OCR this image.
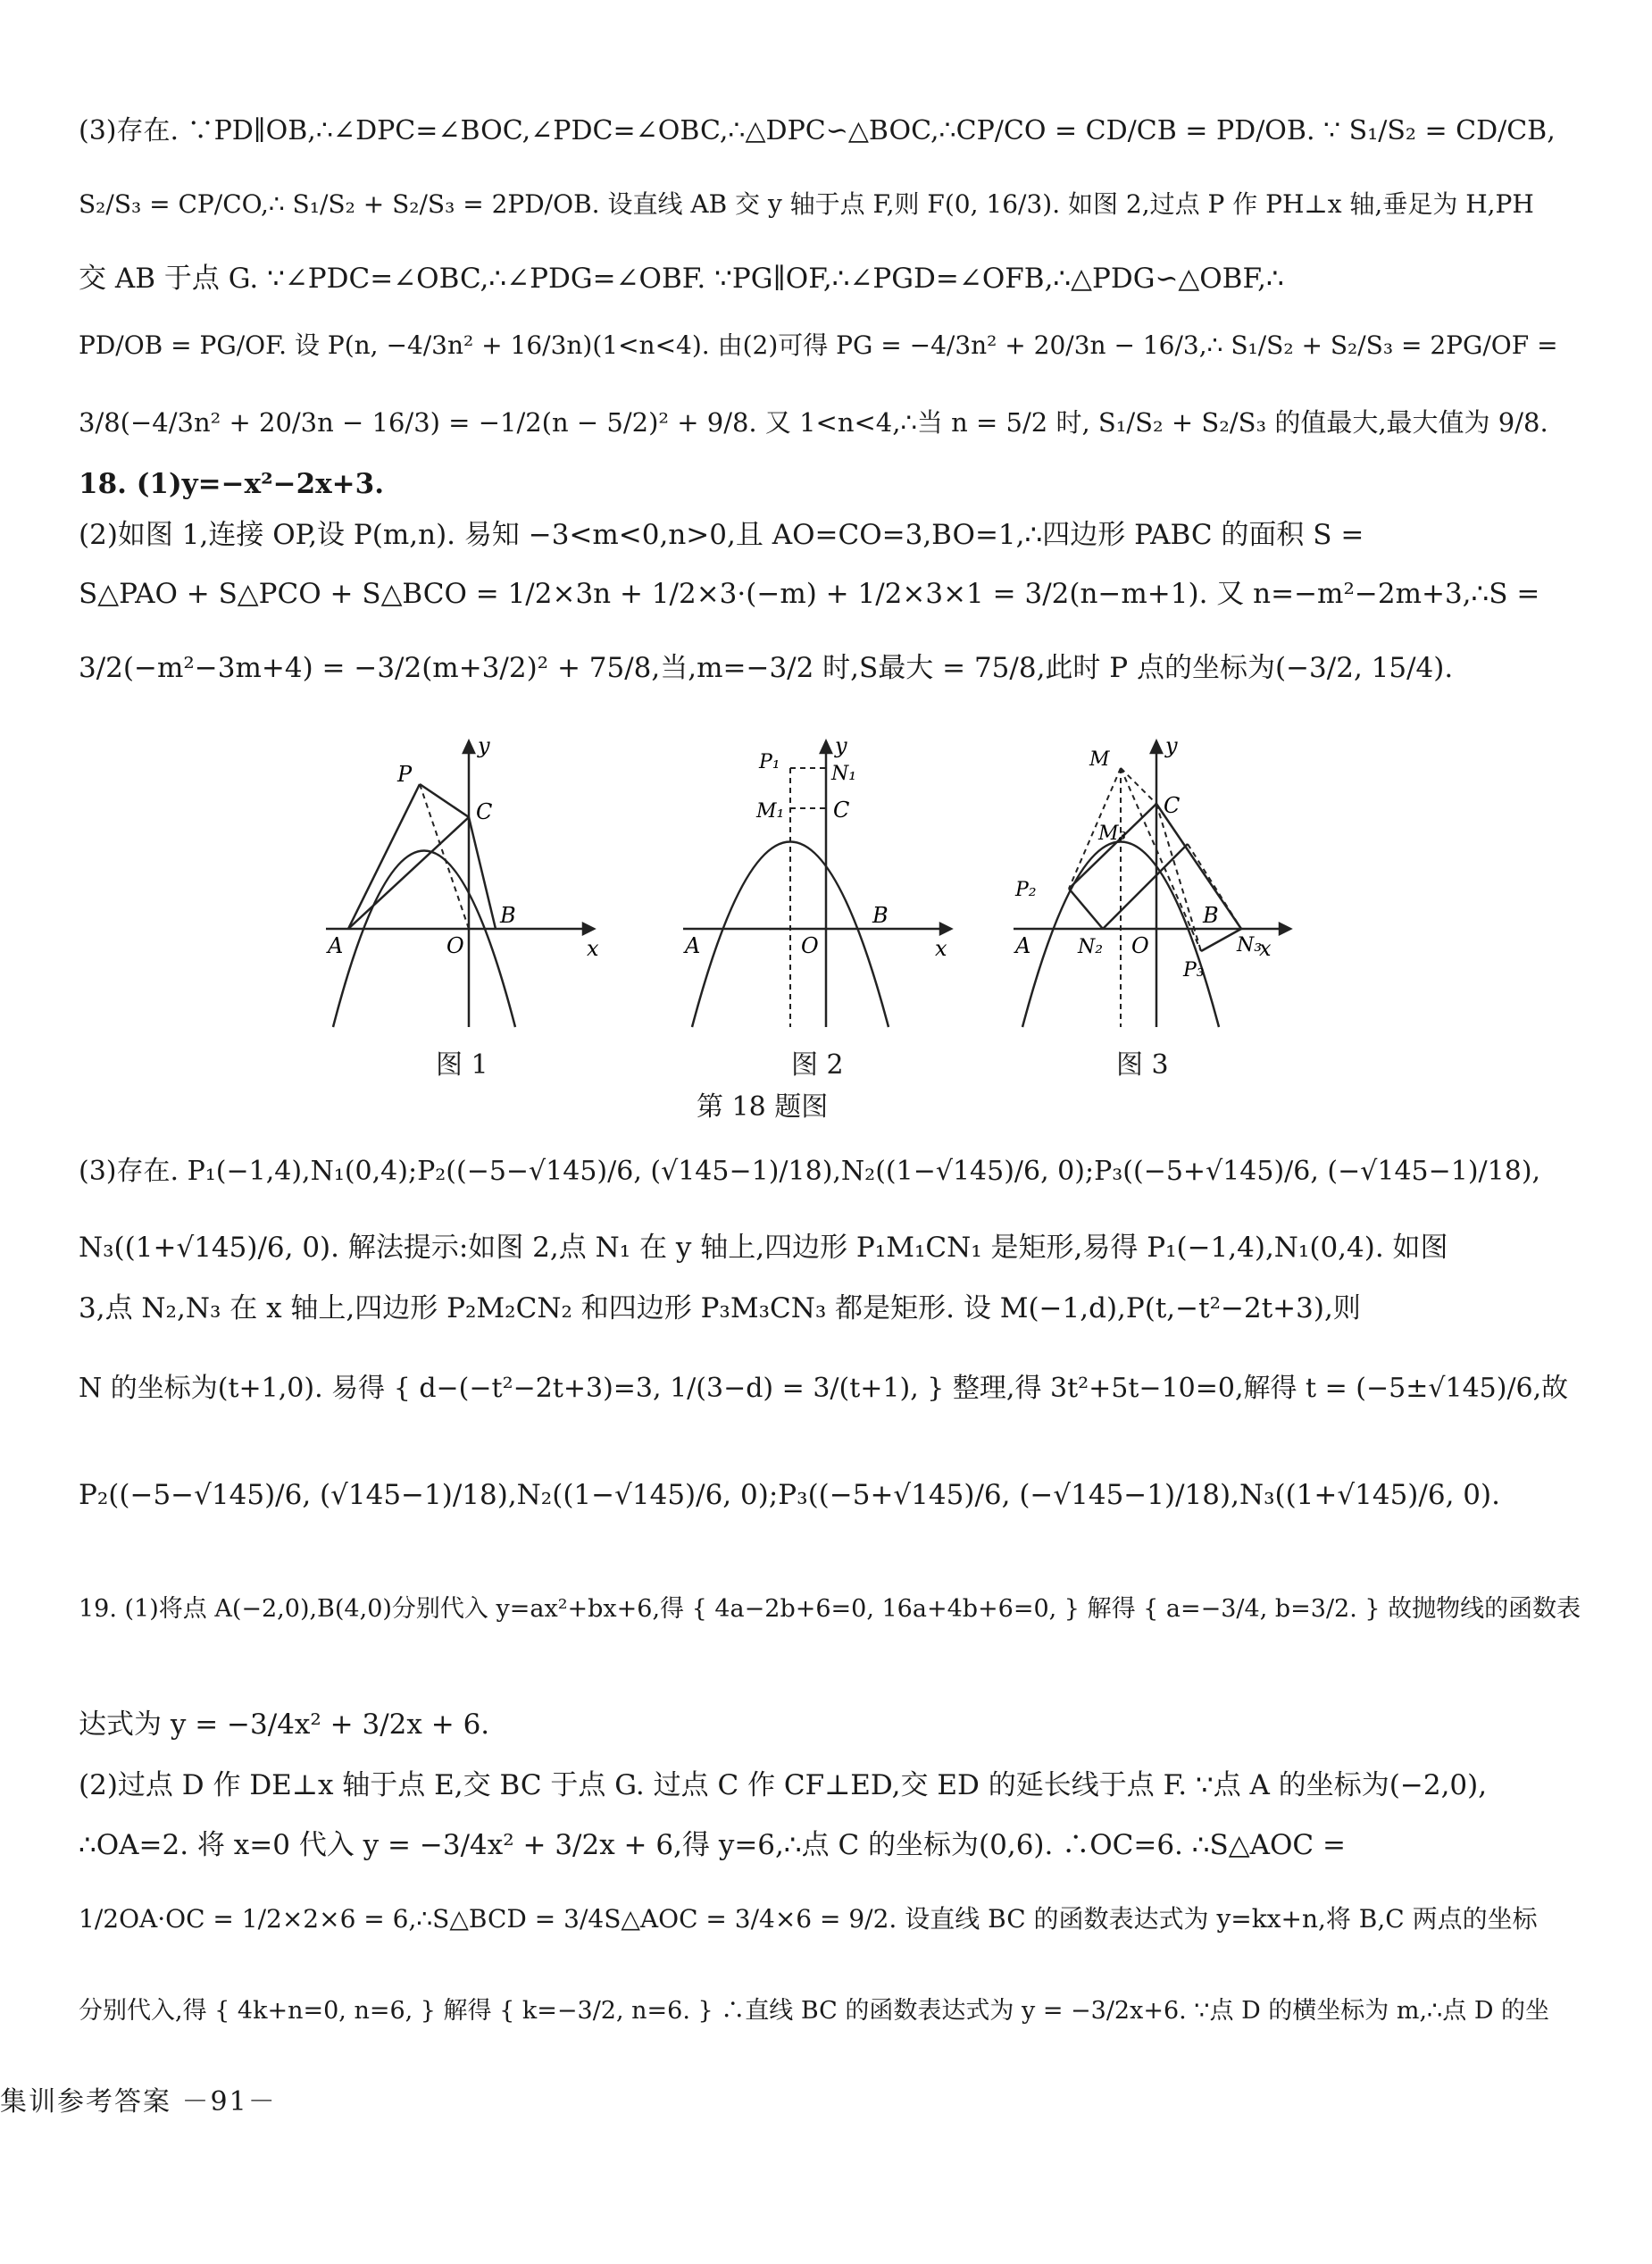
(3)存在. ∵PD∥OB,∴∠DPC=∠BOC,∠PDC=∠OBC,∴△DPC∽△BOC,∴CP/CO = CD/CB = PD/OB. ∵ S₁/S₂ = CD/CB,
S₂/S₃ = CP/CO,∴ S₁/S₂ + S₂/S₃ = 2PD/OB. 设直线 AB 交 y 轴于点 F,则 F(0, 16/3). 如图 2,过点 P 作 PH⊥x 轴,垂足为 H,PH
交 AB 于点 G. ∵∠PDC=∠OBC,∴∠PDG=∠OBF. ∵PG∥OF,∴∠PGD=∠OFB,∴△PDG∽△OBF,∴
PD/OB = PG/OF. 设 P(n, −4/3n² + 16/3n)(1<n<4). 由(2)可得 PG = −4/3n² + 20/3n − 16/3,∴ S₁/S₂ + S₂/S₃ = 2PG/OF =
3/8(−4/3n² + 20/3n − 16/3) = −1/2(n − 5/2)² + 9/8. 又 1<n<4,∴当 n = 5/2 时, S₁/S₂ + S₂/S₃ 的值最大,最大值为 9/8.
18. (1)y=−x²−2x+3.
(2)如图 1,连接 OP,设 P(m,n). 易知 −3<m<0,n>0,且 AO=CO=3,BO=1,∴四边形 PABC 的面积 S =
S△PAO + S△PCO + S△BCO = 1/2×3n + 1/2×3·(−m) + 1/2×3×1 = 3/2(n−m+1). 又 n=−m²−2m+3,∴S =
3/2(−m²−3m+4) = −3/2(m+3/2)² + 75/8,当,m=−3/2 时,S最大 = 75/8,此时 P 点的坐标为(−3/2, 15/4).
y
x
P
C
A	O
B
图 1
y
x
P₁
N₁
M₁ C
A	O
B
图 2
y
x
M
C
M₃
P₂
A N₂ O
B
N₃
P₃
图 3
第 18 题图
(3)存在. P₁(−1,4),N₁(0,4);P₂((−5−√145)/6, (√145−1)/18),N₂((1−√145)/6, 0);P₃((−5+√145)/6, (−√145−1)/18),
N₃((1+√145)/6, 0). 解法提示:如图 2,点 N₁ 在 y 轴上,四边形 P₁M₁CN₁ 是矩形,易得 P₁(−1,4),N₁(0,4). 如图
3,点 N₂,N₃ 在 x 轴上,四边形 P₂M₂CN₂ 和四边形 P₃M₃CN₃ 都是矩形. 设 M(−1,d),P(t,−t²−2t+3),则
N 的坐标为(t+1,0). 易得 { d−(−t²−2t+3)=3, 1/(3−d) = 3/(t+1), } 整理,得 3t²+5t−10=0,解得 t = (−5±√145)/6,故
P₂((−5−√145)/6, (√145−1)/18),N₂((1−√145)/6, 0);P₃((−5+√145)/6, (−√145−1)/18),N₃((1+√145)/6, 0).
19. (1)将点 A(−2,0),B(4,0)分别代入 y=ax²+bx+6,得 { 4a−2b+6=0, 16a+4b+6=0, } 解得 { a=−3/4, b=3/2. } 故抛物线的函数表
达式为 y = −3/4x² + 3/2x + 6.
(2)过点 D 作 DE⊥x 轴于点 E,交 BC 于点 G. 过点 C 作 CF⊥ED,交 ED 的延长线于点 F. ∵点 A 的坐标为(−2,0),
∴OA=2. 将 x=0 代入 y = −3/4x² + 3/2x + 6,得 y=6,∴点 C 的坐标为(0,6). ∴OC=6. ∴S△AOC =
1/2OA·OC = 1/2×2×6 = 6,∴S△BCD = 3/4S△AOC = 3/4×6 = 9/2. 设直线 BC 的函数表达式为 y=kx+n,将 B,C 两点的坐标
分别代入,得 { 4k+n=0, n=6, } 解得 { k=−3/2, n=6. } ∴直线 BC 的函数表达式为 y = −3/2x+6. ∵点 D 的横坐标为 m,∴点 D 的坐
集训参考答案 －91－
